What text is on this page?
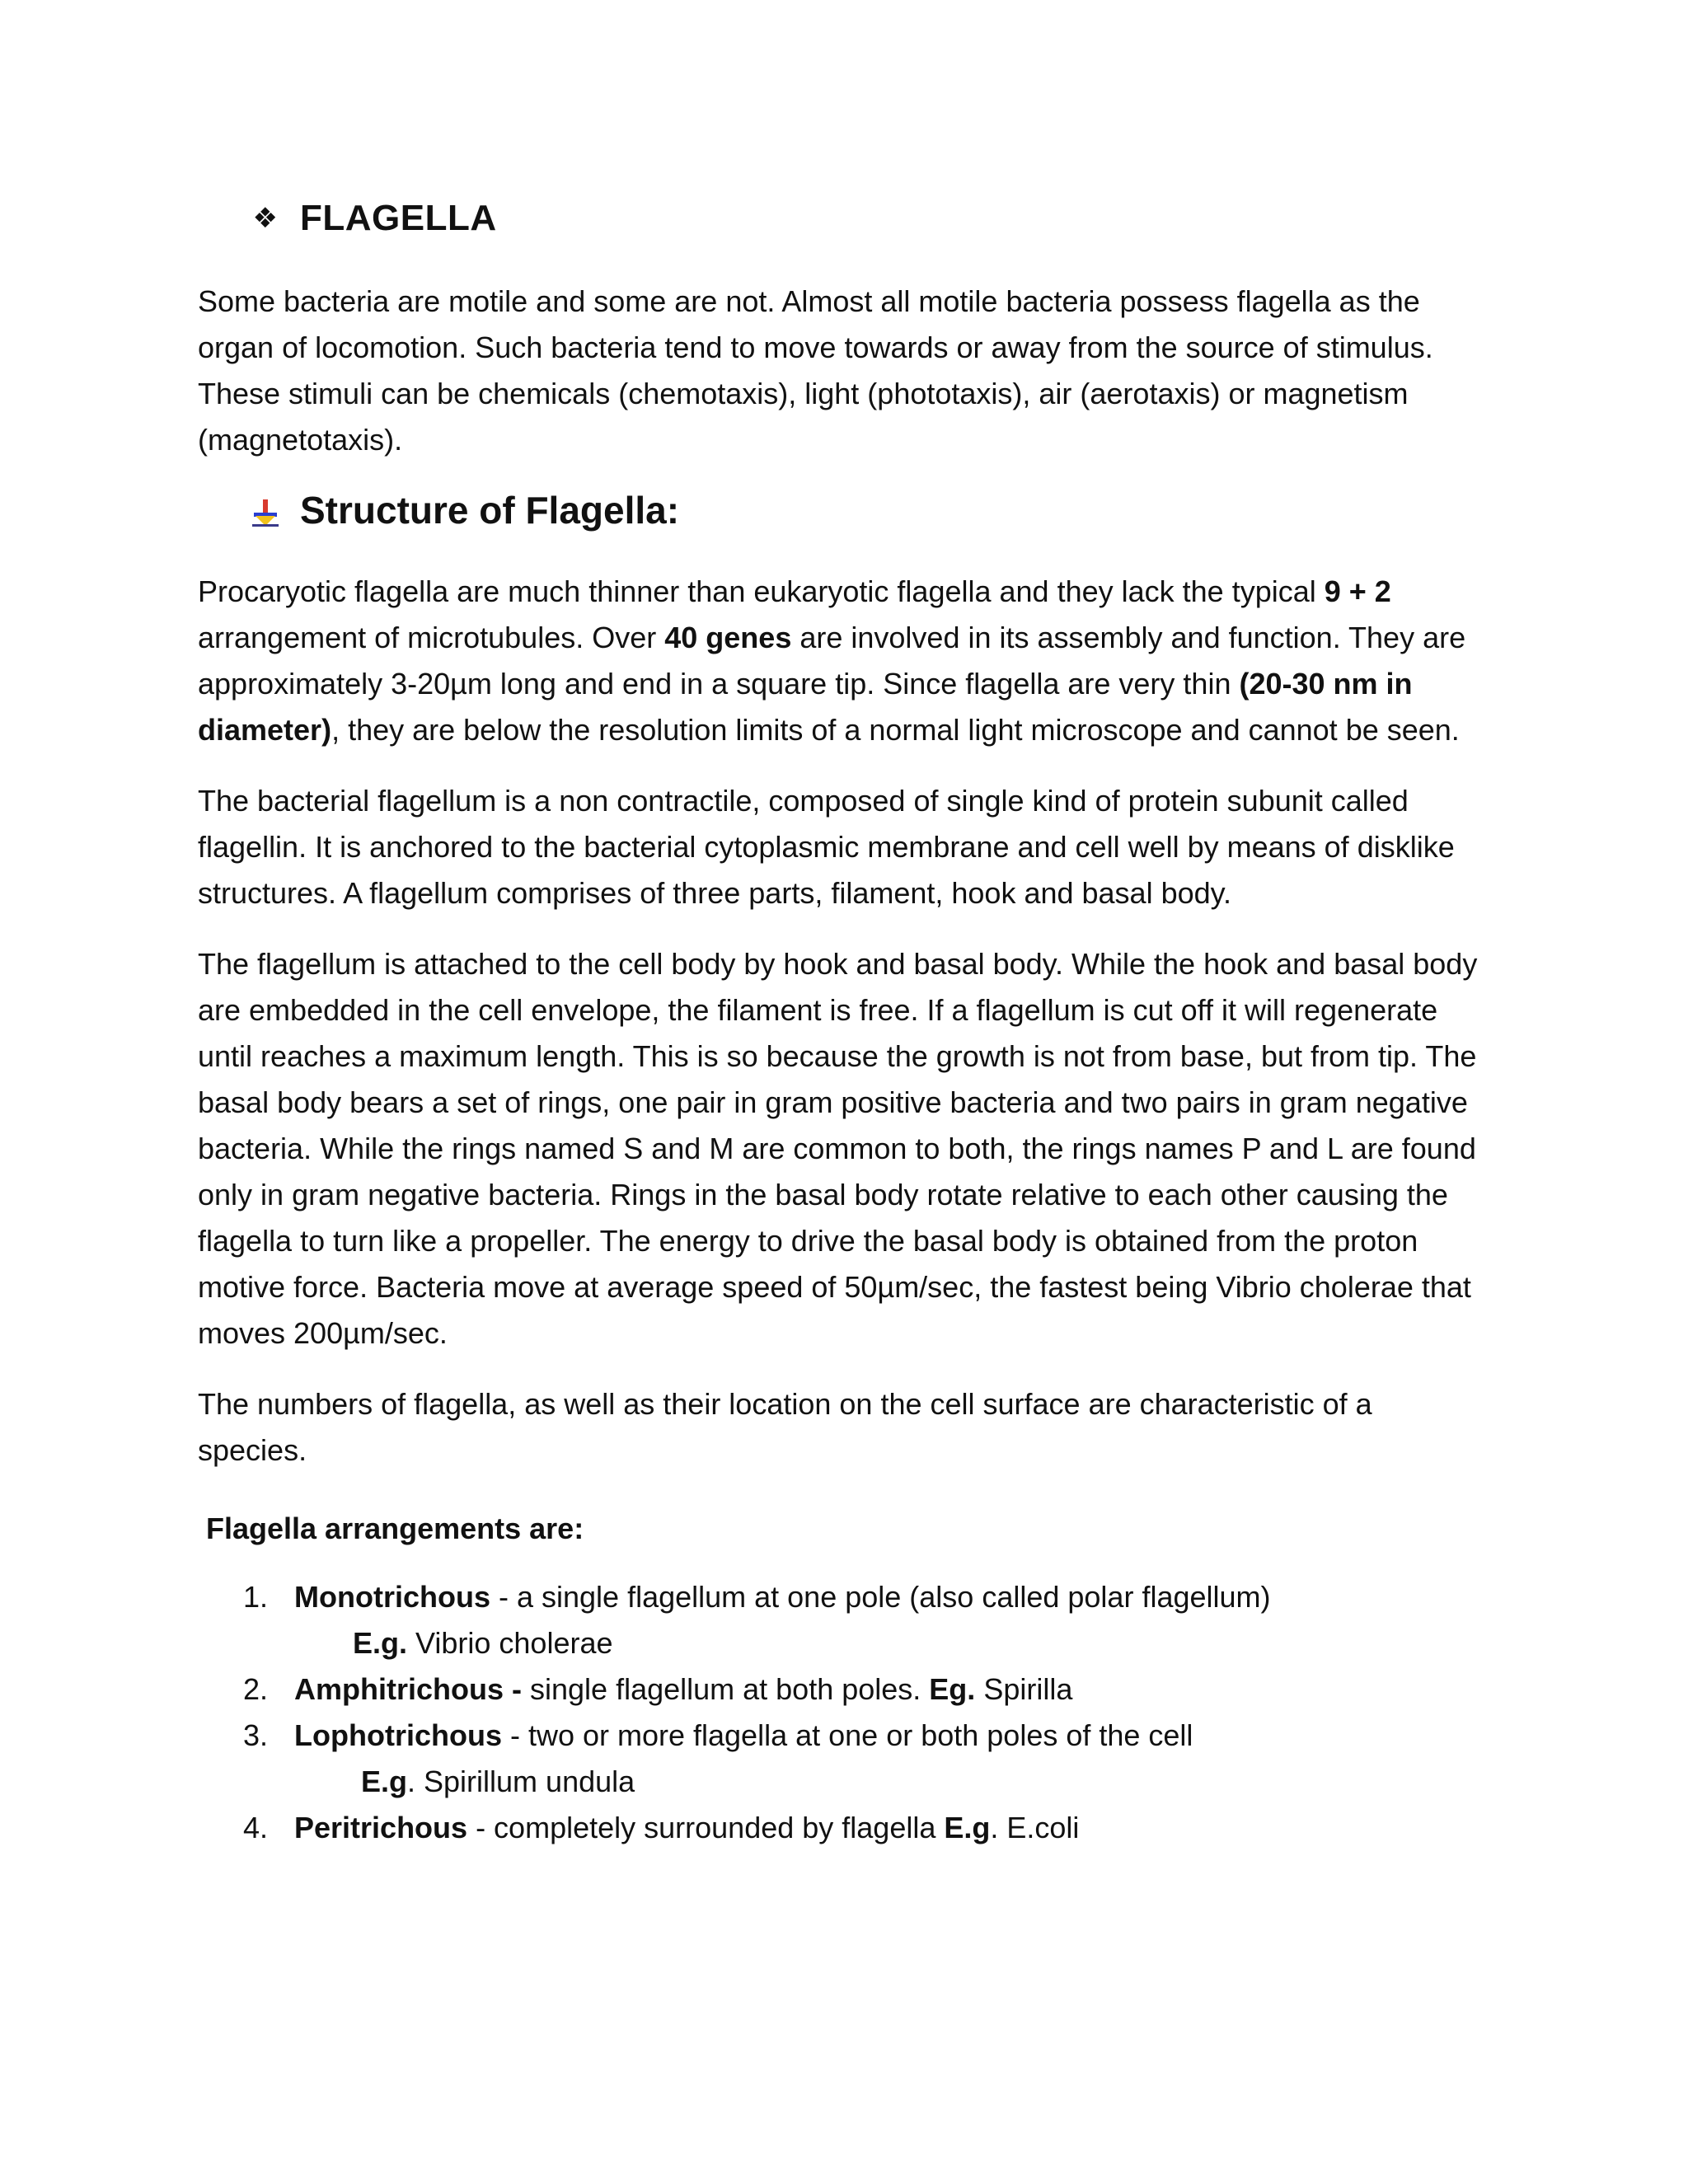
❖ FLAGELLA

Some bacteria are motile and some are not. Almost all motile bacteria possess flagella as the organ of locomotion. Such bacteria tend to move towards or away from the source of stimulus. These stimuli can be chemicals (chemotaxis), light (phototaxis), air (aerotaxis) or magnetism (magnetotaxis).

Structure of Flagella:

Procaryotic flagella are much thinner than eukaryotic flagella and they lack the typical 9 + 2 arrangement of microtubules. Over 40 genes are involved in its assembly and function. They are approximately 3-20µm long and end in a square tip. Since flagella are very thin (20-30 nm in diameter), they are below the resolution limits of a normal light microscope and cannot be seen.

The bacterial flagellum is a non contractile, composed of single kind of protein subunit called flagellin. It is anchored to the bacterial cytoplasmic membrane and cell well by means of disklike structures. A flagellum comprises of three parts, filament, hook and basal body.

The flagellum is attached to the cell body by hook and basal body. While the hook and basal body are embedded in the cell envelope, the filament is free. If a flagellum is cut off it will regenerate until reaches a maximum length. This is so because the growth is not from base, but from tip. The basal body bears a set of rings, one pair in gram positive bacteria and two pairs in gram negative bacteria. While the rings named S and M are common to both, the rings names P and L are found only in gram negative bacteria. Rings in the basal body rotate relative to each other causing the flagella to turn like a propeller. The energy to drive the basal body is obtained from the proton motive force. Bacteria move at average speed of 50µm/sec, the fastest being Vibrio cholerae that moves 200µm/sec.

The numbers of flagella, as well as their location on the cell surface are characteristic of a species.

Flagella arrangements are:
1. Monotrichous - a single flagellum at one pole (also called polar flagellum)
E.g. Vibrio cholerae
2. Amphitrichous - single flagellum at both poles. Eg. Spirilla
3. Lophotrichous - two or more flagella at one or both poles of the cell
E.g. Spirillum undula
4. Peritrichous - completely surrounded by flagella E.g. E.coli
